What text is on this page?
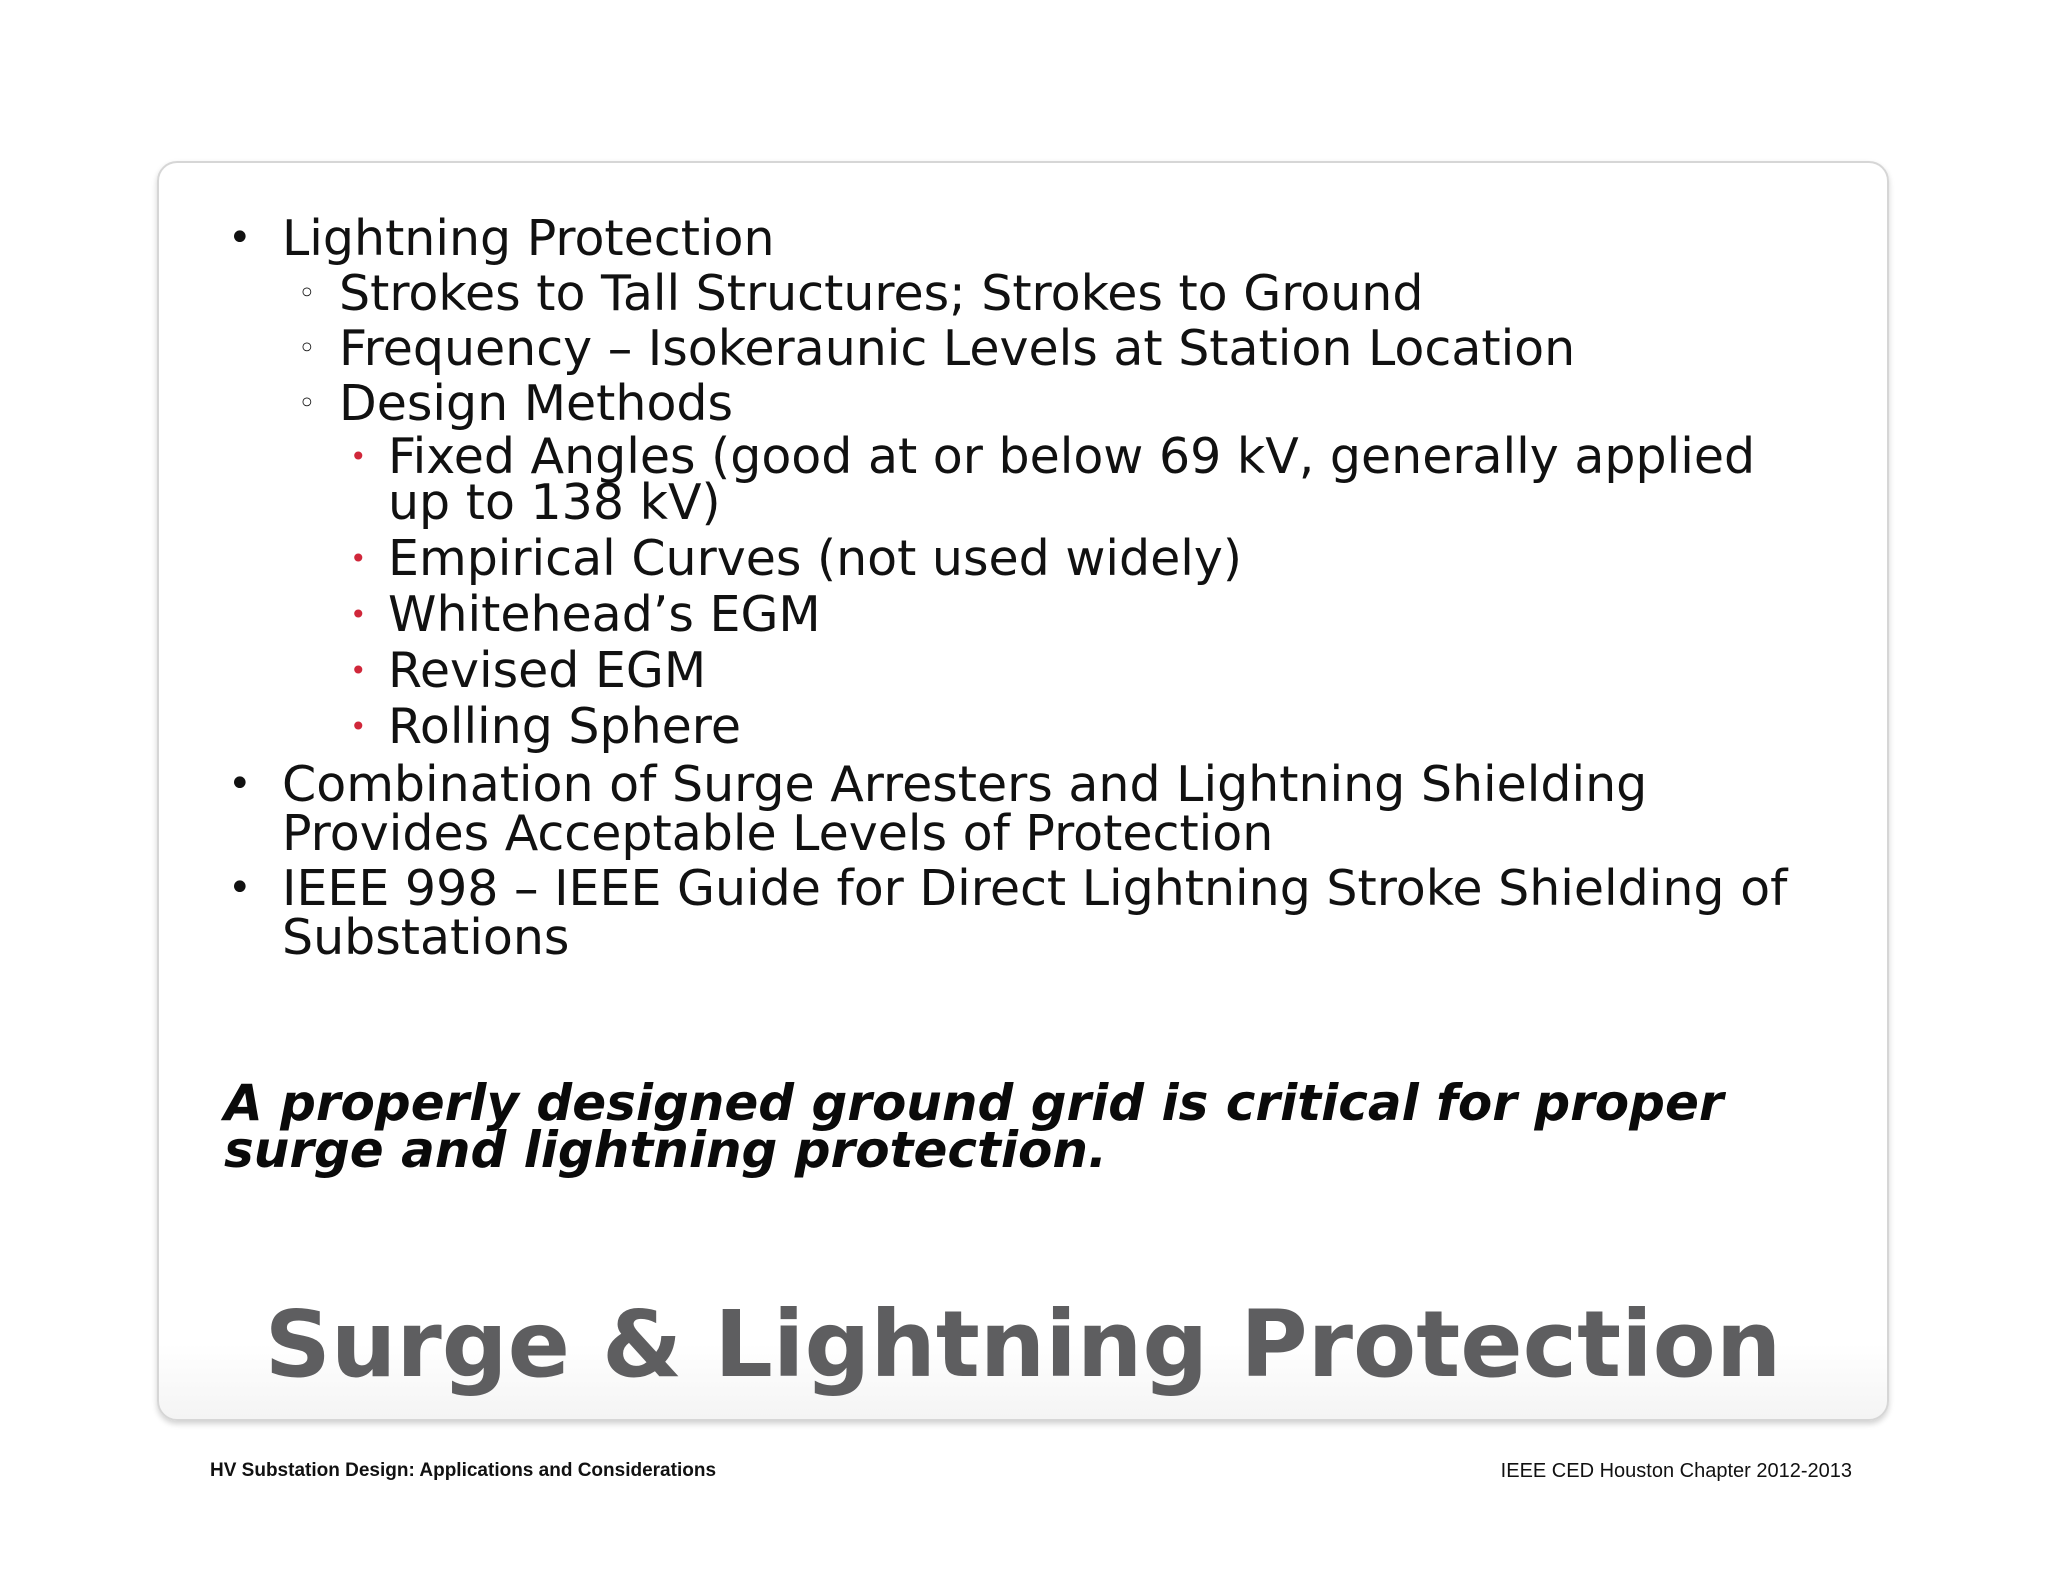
• Lightning Protection
◦ Strokes to Tall Structures; Strokes to Ground
◦ Frequency – Isokeraunic Levels at Station Location
◦ Design Methods
• Fixed Angles (good at or below 69 kV, generally applied up to 138 kV)
• Empirical Curves (not used widely)
• Whitehead’s EGM
• Revised EGM
• Rolling Sphere
• Combination of Surge Arresters and Lightning Shielding Provides Acceptable Levels of Protection
• IEEE 998 – IEEE Guide for Direct Lightning Stroke Shielding of Substations
A properly designed ground grid is critical for proper surge and lightning protection.
Surge & Lightning Protection
HV Substation Design: Applications and Considerations	IEEE CED Houston Chapter 2012-2013
